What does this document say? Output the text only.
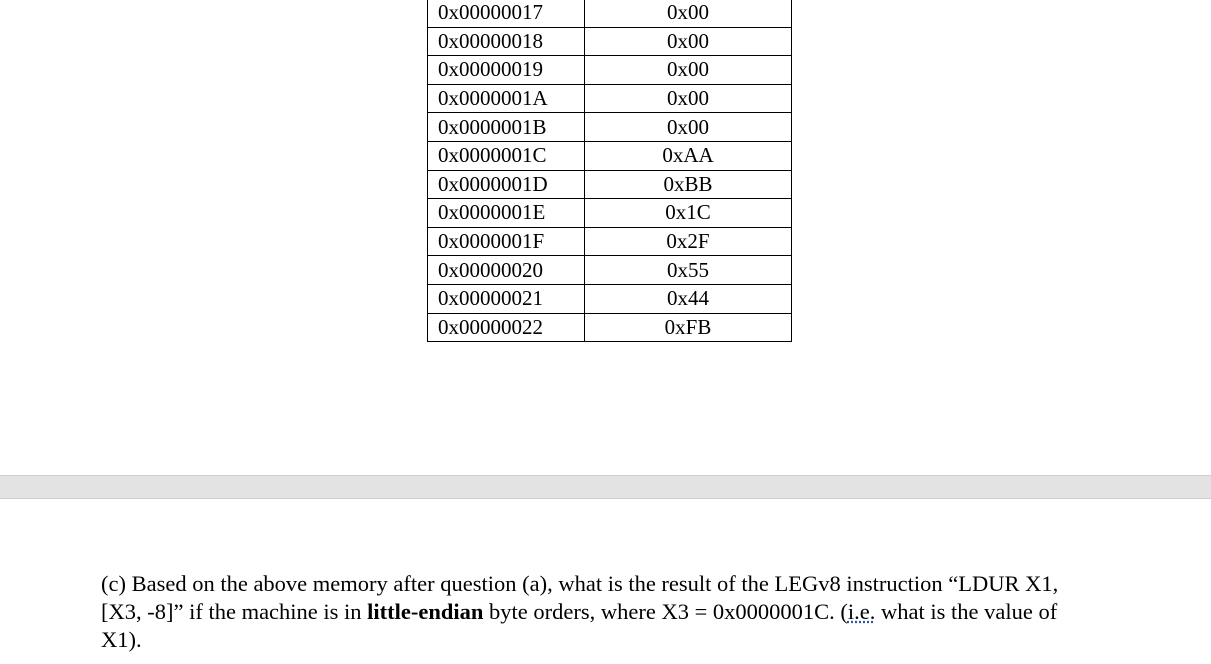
0x00000017	0x00
0x00000018	0x00
0x00000019	0x00
0x0000001A	0x00
0x0000001B	0x00
0x0000001C	0xAA
0x0000001D	0xBB
0x0000001E	0x1C
0x0000001F	0x2F
0x00000020	0x55
0x00000021	0x44
0x00000022	0xFB

(c) Based on the above memory after question (a), what is the result of the LEGv8 instruction “LDUR X1, [X3, -8]” if the machine is in little-endian byte orders, where X3 = 0x0000001C. (i.e. what is the value of X1).
